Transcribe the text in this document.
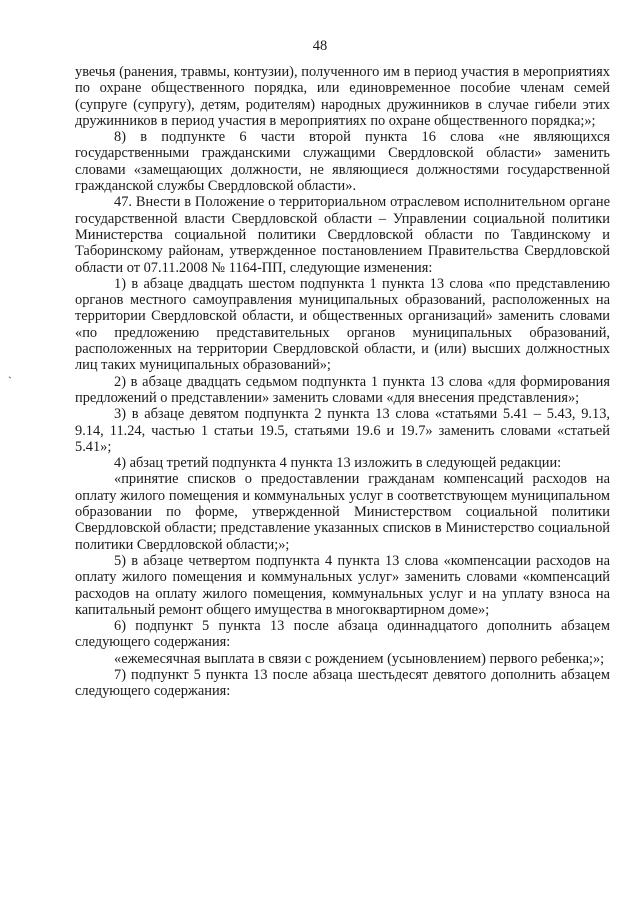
48
`

увечья (ранения, травмы, контузии), полученного им в период участия в мероприятиях по охране общественного порядка, или единовременное пособие членам семей (супруге (супругу), детям, родителям) народных дружинников в случае гибели этих дружинников в период участия в мероприятиях по охране общественного порядка;»;

8) в подпункте 6 части второй пункта 16 слова «не являющихся государственными гражданскими служащими Свердловской области» заменить словами «замещающих должности, не являющиеся должностями государственной гражданской службы Свердловской области».

47. Внести в Положение о территориальном отраслевом исполнительном органе государственной власти Свердловской области – Управлении социальной политики Министерства социальной политики Свердловской области по Тавдинскому и Таборинскому районам, утвержденное постановлением Правительства Свердловской области от 07.11.2008 № 1164-ПП, следующие изменения:

1) в абзаце двадцать шестом подпункта 1 пункта 13 слова «по представлению органов местного самоуправления муниципальных образований, расположенных на территории Свердловской области, и общественных организаций» заменить словами «по предложению представительных органов муниципальных образований, расположенных на территории Свердловской области, и (или) высших должностных лиц таких муниципальных образований»;

2) в абзаце двадцать седьмом подпункта 1 пункта 13 слова «для формирования предложений о представлении» заменить словами «для внесения представления»;

3) в абзаце девятом подпункта 2 пункта 13 слова «статьями 5.41 – 5.43, 9.13, 9.14, 11.24, частью 1 статьи 19.5, статьями 19.6 и 19.7» заменить словами «статьей 5.41»;

4) абзац третий подпункта 4 пункта 13 изложить в следующей редакции:

«принятие списков о предоставлении гражданам компенсаций расходов на оплату жилого помещения и коммунальных услуг в соответствующем муниципальном образовании по форме, утвержденной Министерством социальной политики Свердловской области; представление указанных списков в Министерство социальной политики Свердловской области;»;

5) в абзаце четвертом подпункта 4 пункта 13 слова «компенсации расходов на оплату жилого помещения и коммунальных услуг» заменить словами «компенсаций расходов на оплату жилого помещения, коммунальных услуг и на уплату взноса на капитальный ремонт общего имущества в многоквартирном доме»;

6) подпункт 5 пункта 13 после абзаца одиннадцатого дополнить абзацем следующего содержания:

«ежемесячная выплата в связи с рождением (усыновлением) первого ребенка;»;

7) подпункт 5 пункта 13 после абзаца шестьдесят девятого дополнить абзацем следующего содержания:
